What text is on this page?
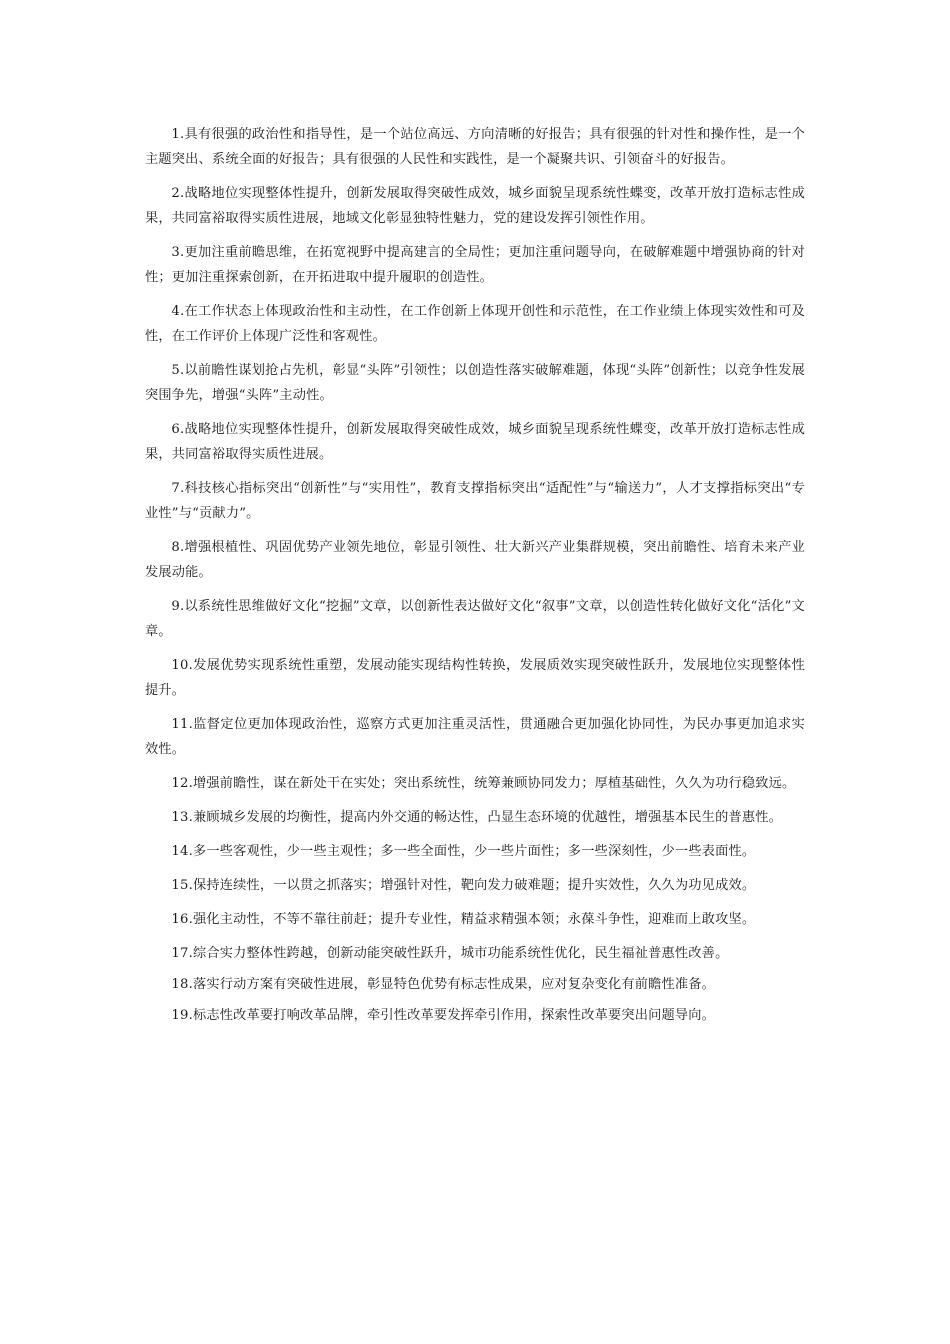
1.具有很强的政治性和指导性，是一个站位高远、方向清晰的好报告；具有很强的针对性和操作性，是一个主题突出、系统全面的好报告；具有很强的人民性和实践性，是一个凝聚共识、引领奋斗的好报告。

2.战略地位实现整体性提升，创新发展取得突破性成效，城乡面貌呈现系统性蝶变，改革开放打造标志性成果，共同富裕取得实质性进展，地域文化彰显独特性魅力，党的建设发挥引领性作用。

3.更加注重前瞻思维，在拓宽视野中提高建言的全局性；更加注重问题导向，在破解难题中增强协商的针对性；更加注重探索创新，在开拓进取中提升履职的创造性。

4.在工作状态上体现政治性和主动性，在工作创新上体现开创性和示范性，在工作业绩上体现实效性和可及性，在工作评价上体现广泛性和客观性。

5.以前瞻性谋划抢占先机，彰显“头阵”引领性；以创造性落实破解难题，体现“头阵”创新性；以竞争性发展突围争先，增强“头阵”主动性。

6.战略地位实现整体性提升，创新发展取得突破性成效，城乡面貌呈现系统性蝶变，改革开放打造标志性成果，共同富裕取得实质性进展。

7.科技核心指标突出“创新性”与“实用性”，教育支撑指标突出“适配性”与“输送力”，人才支撑指标突出“专业性”与“贡献力”。

8.增强根植性、巩固优势产业领先地位，彰显引领性、壮大新兴产业集群规模，突出前瞻性、培育未来产业发展动能。

9.以系统性思维做好文化“挖掘”文章，以创新性表达做好文化“叙事”文章，以创造性转化做好文化“活化”文章。

10.发展优势实现系统性重塑，发展动能实现结构性转换，发展质效实现突破性跃升，发展地位实现整体性提升。

11.监督定位更加体现政治性，巡察方式更加注重灵活性，贯通融合更加强化协同性，为民办事更加追求实效性。

12.增强前瞻性，谋在新处干在实处；突出系统性，统筹兼顾协同发力；厚植基础性，久久为功行稳致远。

13.兼顾城乡发展的均衡性，提高内外交通的畅达性，凸显生态环境的优越性，增强基本民生的普惠性。

14.多一些客观性，少一些主观性；多一些全面性，少一些片面性；多一些深刻性，少一些表面性。

15.保持连续性，一以贯之抓落实；增强针对性，靶向发力破难题；提升实效性，久久为功见成效。

16.强化主动性，不等不靠往前赶；提升专业性，精益求精强本领；永葆斗争性，迎难而上敢攻坚。

17.综合实力整体性跨越，创新动能突破性跃升，城市功能系统性优化，民生福祉普惠性改善。

18.落实行动方案有突破性进展，彰显特色优势有标志性成果，应对复杂变化有前瞻性准备。

19.标志性改革要打响改革品牌，牵引性改革要发挥牵引作用，探索性改革要突出问题导向。
